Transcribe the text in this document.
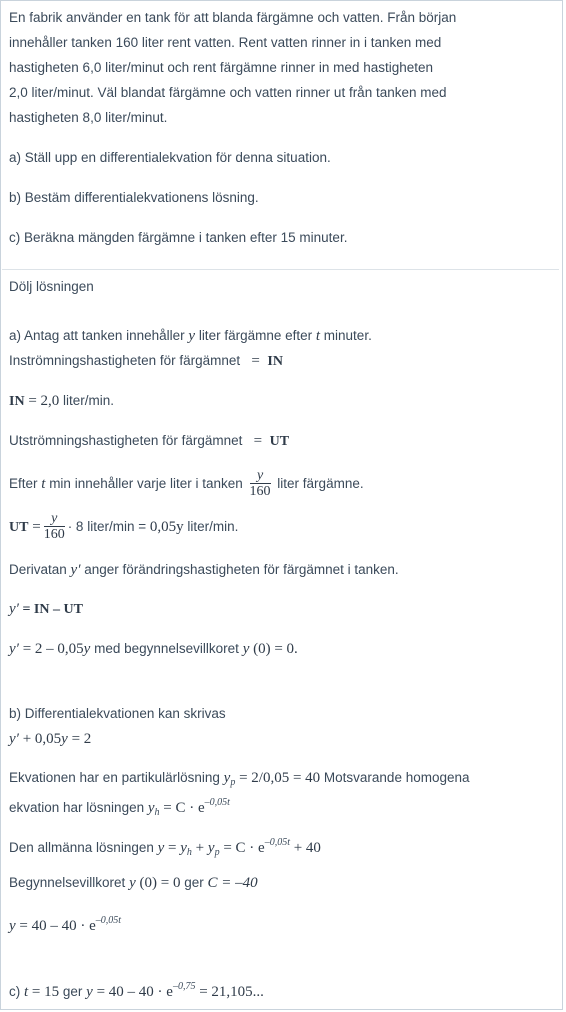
En fabrik använder en tank för att blanda färgämne och vatten. Från början
innehåller tanken 160 liter rent vatten. Rent vatten rinner in i tanken med
hastigheten 6,0 liter/minut och rent färgämne rinner in med hastigheten
2,0 liter/minut. Väl blandat färgämne och vatten rinner ut från tanken med
hastigheten 8,0 liter/minut.
a) Ställ upp en differentialekvation för denna situation.
b) Bestäm differentialekvationens lösning.
c) Beräkna mängden färgämne i tanken efter 15 minuter.
Dölj lösningen
a) Antag att tanken innehåller y liter färgämne efter t minuter.
Inströmningshastigheten för färgämnet = IN
IN = 2,0 liter/min.
Utströmningshastigheten för färgämnet = UT
Efter t min innehåller varje liter i tanken $\frac{y}{160}$ liter färgämne.
UT = $\frac{y}{160} \cdot 8$ liter/min = 0,05y liter/min.
Derivatan y′ anger förändringshastigheten för färgämnet i tanken.
y′ = IN – UT
y′ = 2 – 0,05y med begynnelsevillkoret y (0) = 0.
b) Differentialekvationen kan skrivas
y′ + 0,05y = 2
Ekvationen har en partikulärlösning $y_p = 2/0,05 = 40$ Motsvarande homogena
ekvation har lösningen $y_h = C \cdot e^{-0,05t}$
Den allmänna lösningen $y = y_h + y_p = C \cdot e^{-0,05t} + 40$
Begynnelsevillkoret y (0) = 0 ger C = –40
$y = 40 - 40 \cdot e^{-0,05t}$
c) t = 15 ger $y = 40 - 40 \cdot e^{-0,75} = 21,105$...
